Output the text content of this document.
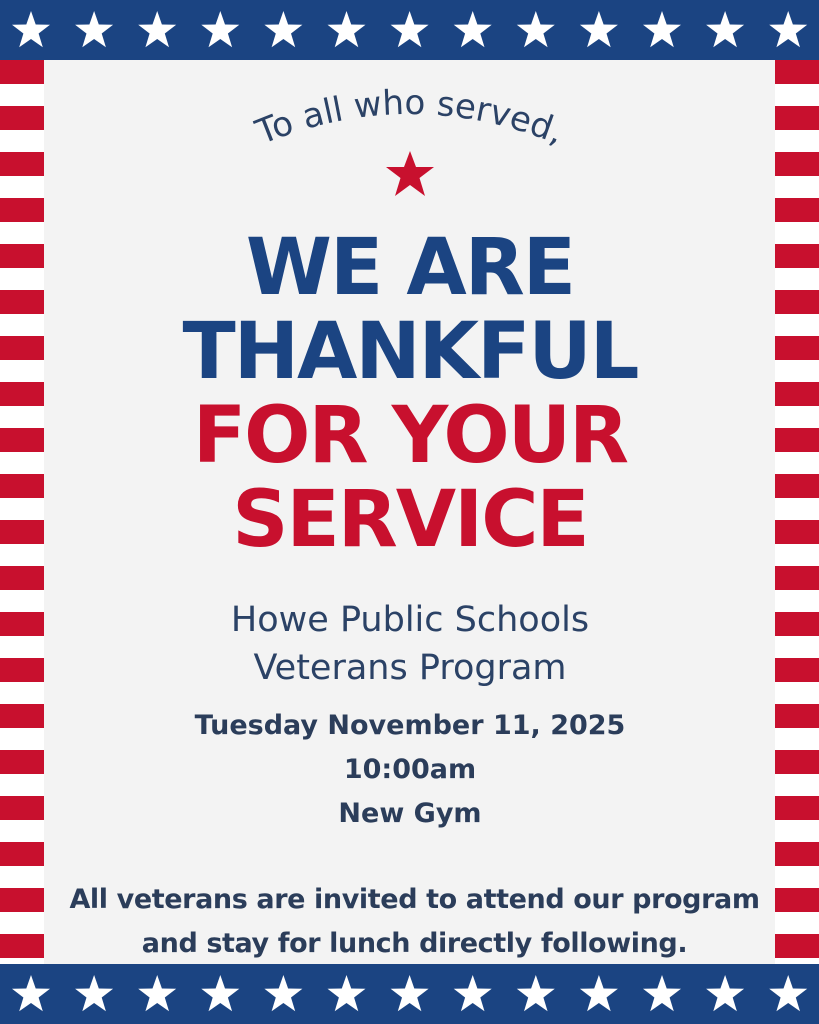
To all who served,
WE ARE
THANKFUL
FOR YOUR
SERVICE
Howe Public Schools
Veterans Program
Tuesday November 11, 2025
10:00am
New Gym

All veterans are invited to attend our program
and stay for lunch directly following.
